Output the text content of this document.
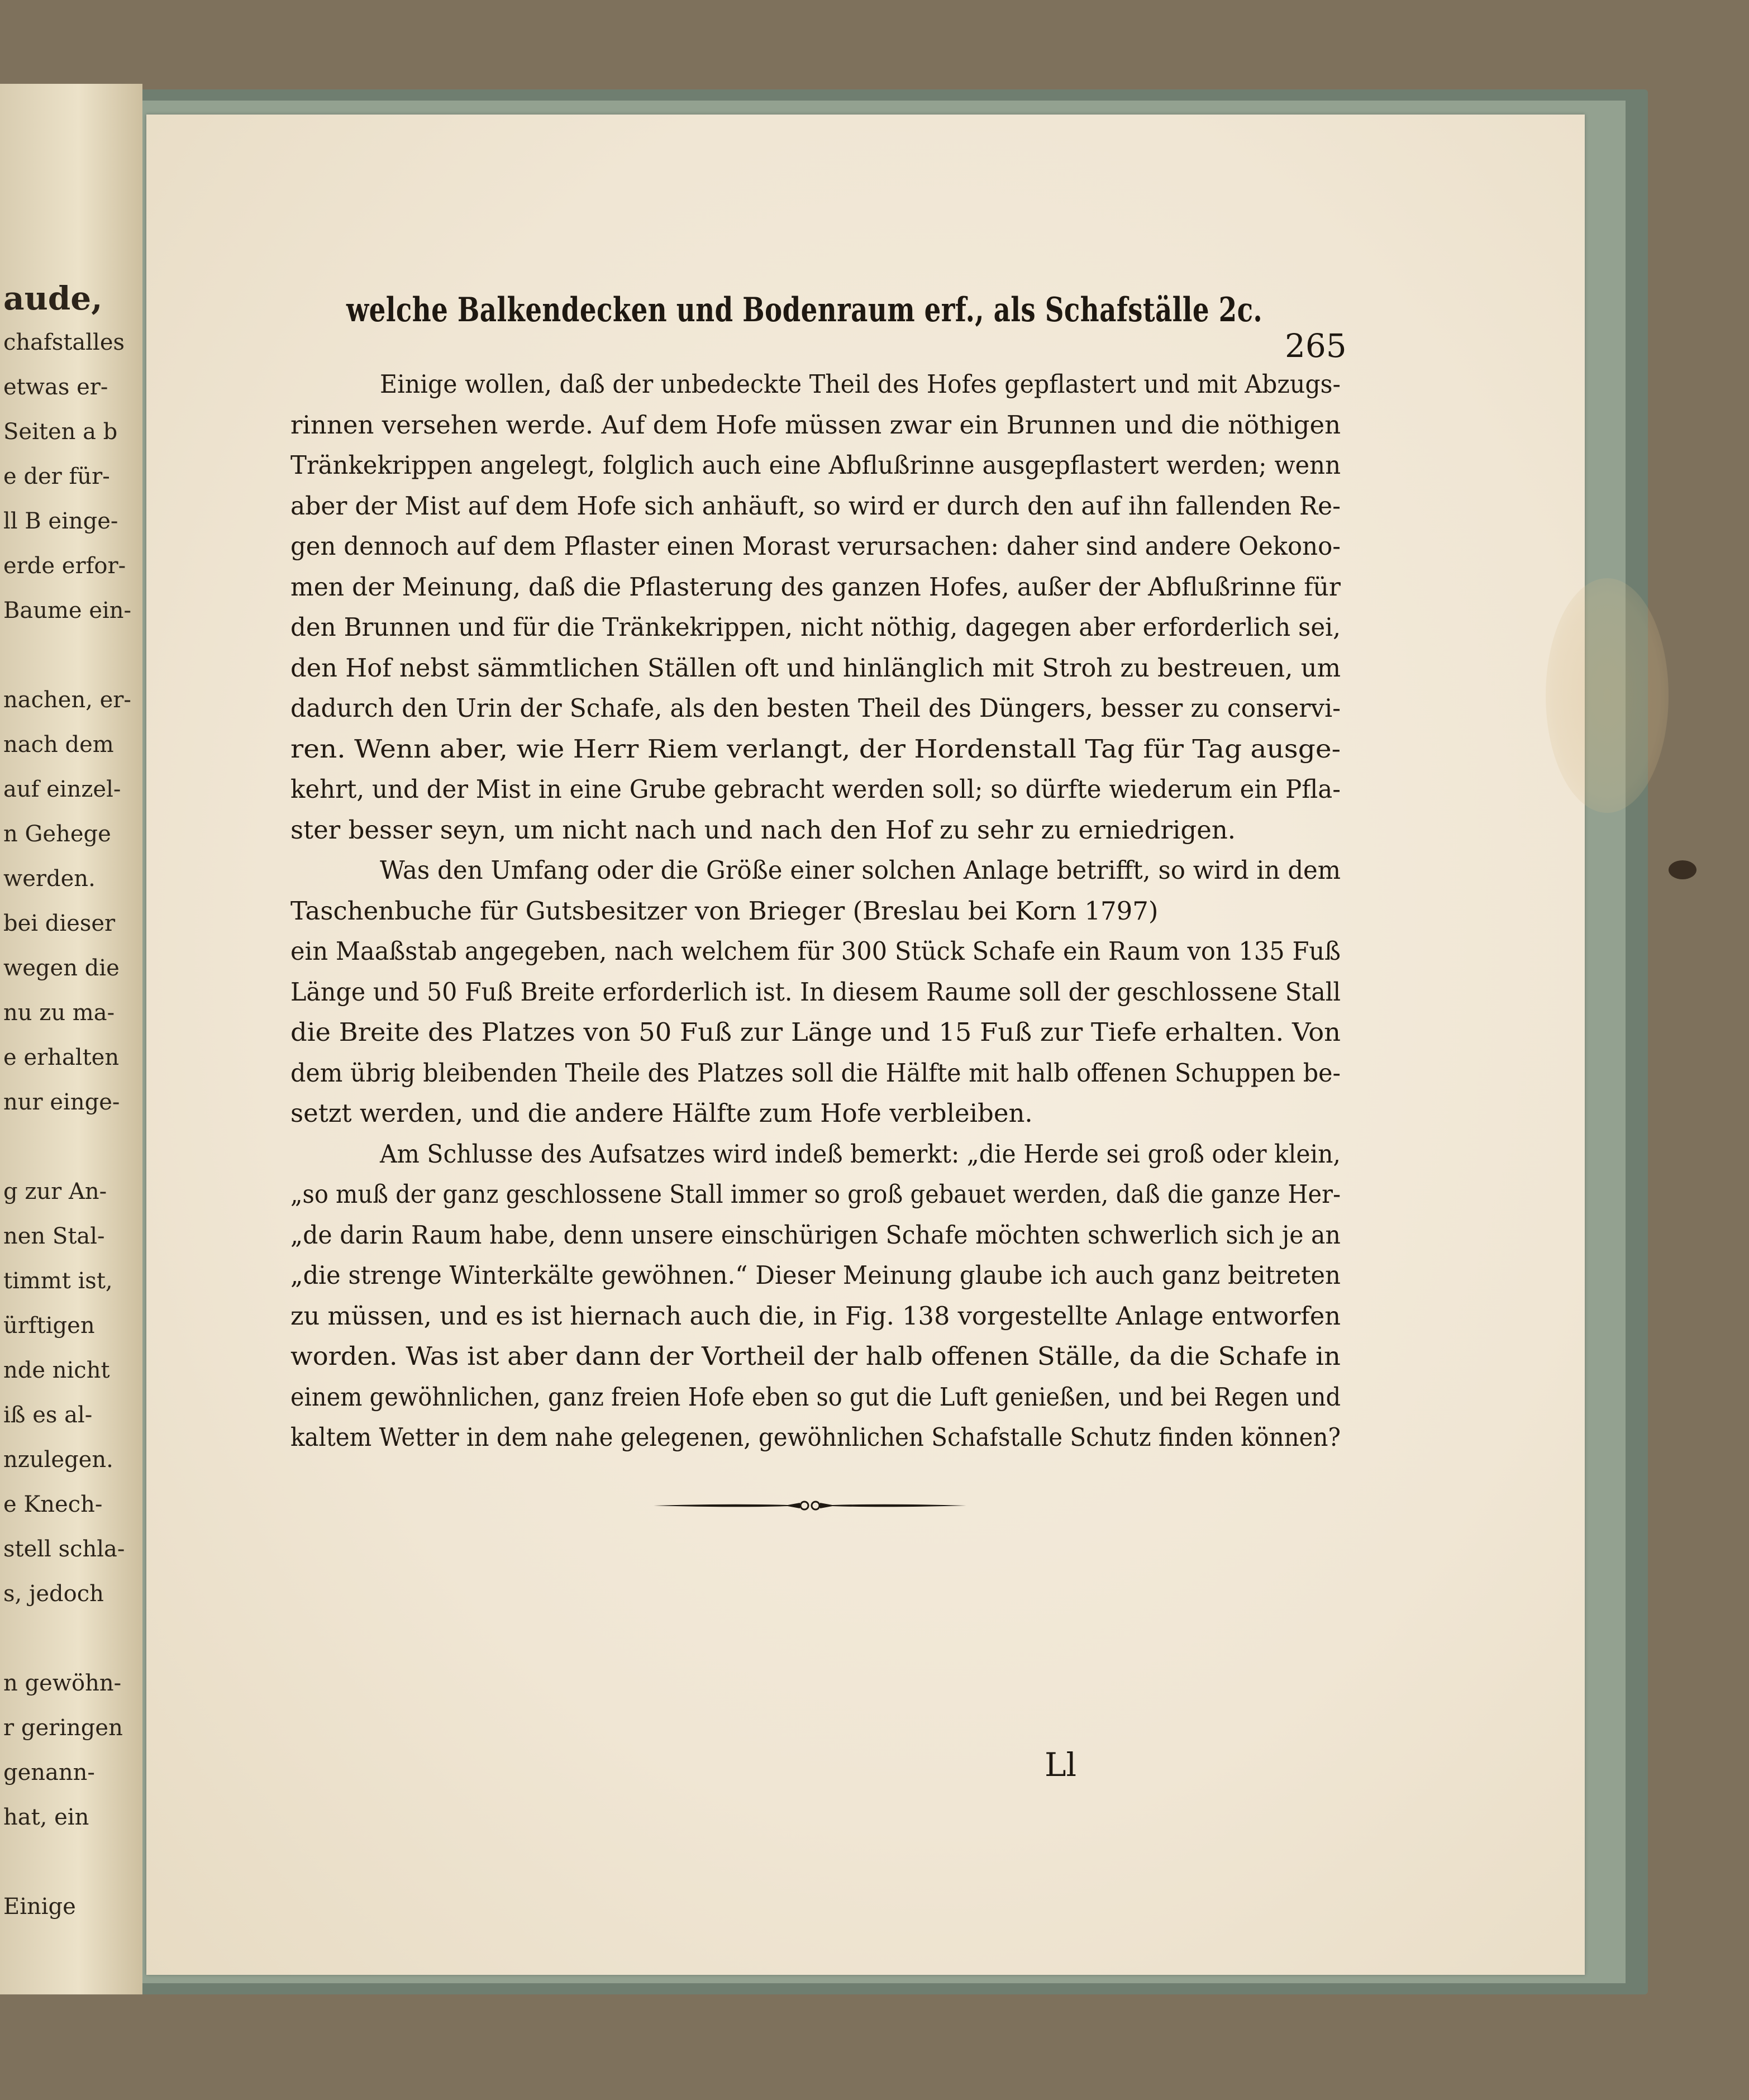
aude,
chafstalles
etwas er-
Seiten a b
e der für-
ll B einge-
erde erfor-
Baume ein-
nachen, er-
nach dem
auf einzel-
n Gehege
werden.
bei dieser
wegen die
nu zu ma-
e erhalten
nur einge-
g zur An-
nen Stal-
timmt ist,
ürftigen
nde nicht
iß es al-
nzulegen.
e Knech-
stell schla-
s, jedoch
n gewöhn-
r geringen
genann-
hat, ein
Einige
welche Balkendecken und Bodenraum erf., als Schafställe 2c.
265
Einige wollen, daß der unbedeckte Theil des Hofes gepflastert und mit Abzugs-
rinnen versehen werde. Auf dem Hofe müssen zwar ein Brunnen und die nöthigen
Tränkekrippen angelegt, folglich auch eine Abflußrinne ausgepflastert werden; wenn
aber der Mist auf dem Hofe sich anhäuft, so wird er durch den auf ihn fallenden Re-
gen dennoch auf dem Pflaster einen Morast verursachen: daher sind andere Oekono-
men der Meinung, daß die Pflasterung des ganzen Hofes, außer der Abflußrinne für
den Brunnen und für die Tränkekrippen, nicht nöthig, dagegen aber erforderlich sei,
den Hof nebst sämmtlichen Ställen oft und hinlänglich mit Stroh zu bestreuen, um
dadurch den Urin der Schafe, als den besten Theil des Düngers, besser zu conservi-
ren. Wenn aber, wie Herr Riem verlangt, der Hordenstall Tag für Tag ausge-
kehrt, und der Mist in eine Grube gebracht werden soll; so dürfte wiederum ein Pfla-
ster besser seyn, um nicht nach und nach den Hof zu sehr zu erniedrigen.
Was den Umfang oder die Größe einer solchen Anlage betrifft, so wird in dem
Taschenbuche für Gutsbesitzer von Brieger (Breslau bei Korn 1797)
ein Maaßstab angegeben, nach welchem für 300 Stück Schafe ein Raum von 135 Fuß
Länge und 50 Fuß Breite erforderlich ist. In diesem Raume soll der geschlossene Stall
die Breite des Platzes von 50 Fuß zur Länge und 15 Fuß zur Tiefe erhalten. Von
dem übrig bleibenden Theile des Platzes soll die Hälfte mit halb offenen Schuppen be-
setzt werden, und die andere Hälfte zum Hofe verbleiben.
Am Schlusse des Aufsatzes wird indeß bemerkt: „die Herde sei groß oder klein,
„so muß der ganz geschlossene Stall immer so groß gebauet werden, daß die ganze Her-
„de darin Raum habe, denn unsere einschürigen Schafe möchten schwerlich sich je an
„die strenge Winterkälte gewöhnen.“ Dieser Meinung glaube ich auch ganz beitreten
zu müssen, und es ist hiernach auch die, in Fig. 138 vorgestellte Anlage entworfen
worden. Was ist aber dann der Vortheil der halb offenen Ställe, da die Schafe in
einem gewöhnlichen, ganz freien Hofe eben so gut die Luft genießen, und bei Regen und
kaltem Wetter in dem nahe gelegenen, gewöhnlichen Schafstalle Schutz finden können?
Ll
